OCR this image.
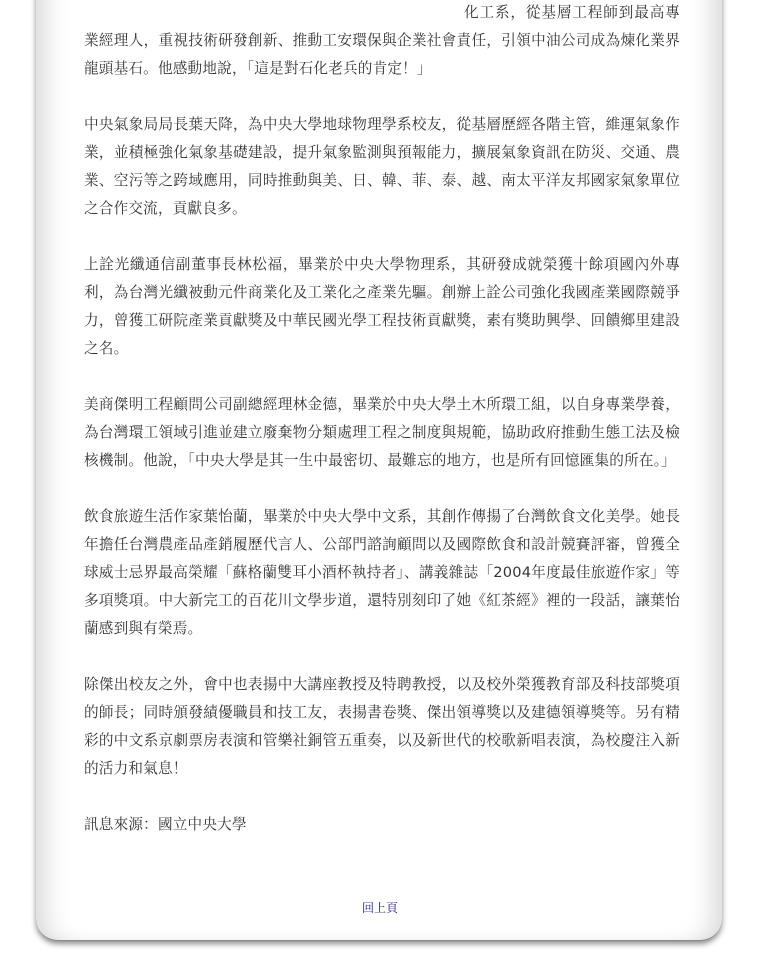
化工系，從基層工程師到最高專業經理人，重視技術研發創新、推動工安環保與企業社會責任，引領中油公司成為煉化業界龍頭基石。他感動地說，「這是對石化老兵的肯定！」

中央氣象局局長葉天降，為中央大學地球物理學系校友，從基層歷經各階主管，維運氣象作業，並積極強化氣象基礎建設，提升氣象監測與預報能力，擴展氣象資訊在防災、交通、農業、空污等之跨域應用，同時推動與美、日、韓、菲、泰、越、南太平洋友邦國家氣象單位之合作交流，貢獻良多。

上詮光纖通信副董事長林松福，畢業於中央大學物理系，其研發成就榮獲十餘項國內外專利，為台灣光纖被動元件商業化及工業化之產業先驅。創辦上詮公司強化我國產業國際競爭力，曾獲工研院產業貢獻獎及中華民國光學工程技術貢獻獎，素有獎助興學、回饋鄉里建設之名。

美商傑明工程顧問公司副總經理林金德，畢業於中央大學土木所環工組，以自身專業學養，為台灣環工領域引進並建立廢棄物分類處理工程之制度與規範，協助政府推動生態工法及檢核機制。他說，「中央大學是其一生中最密切、最難忘的地方，也是所有回憶匯集的所在。」

飲食旅遊生活作家葉怡蘭，畢業於中央大學中文系，其創作傳揚了台灣飲食文化美學。她長年擔任台灣農產品產銷履歷代言人、公部門諮詢顧問以及國際飲食和設計競賽評審，曾獲全球威士忌界最高榮耀「蘇格蘭雙耳小酒杯執持者」、講義雜誌「2004年度最佳旅遊作家」等多項獎項。中大新完工的百花川文學步道，還特別刻印了她《紅茶經》裡的一段話，讓葉怡蘭感到與有榮焉。

除傑出校友之外，會中也表揚中大講座教授及特聘教授，以及校外榮獲教育部及科技部獎項的師長；同時頒發績優職員和技工友，表揚書卷獎、傑出領導獎以及建德領導獎等。另有精彩的中文系京劇票房表演和管樂社銅管五重奏，以及新世代的校歌新唱表演，為校慶注入新的活力和氣息！

訊息來源：國立中央大學

回上頁
